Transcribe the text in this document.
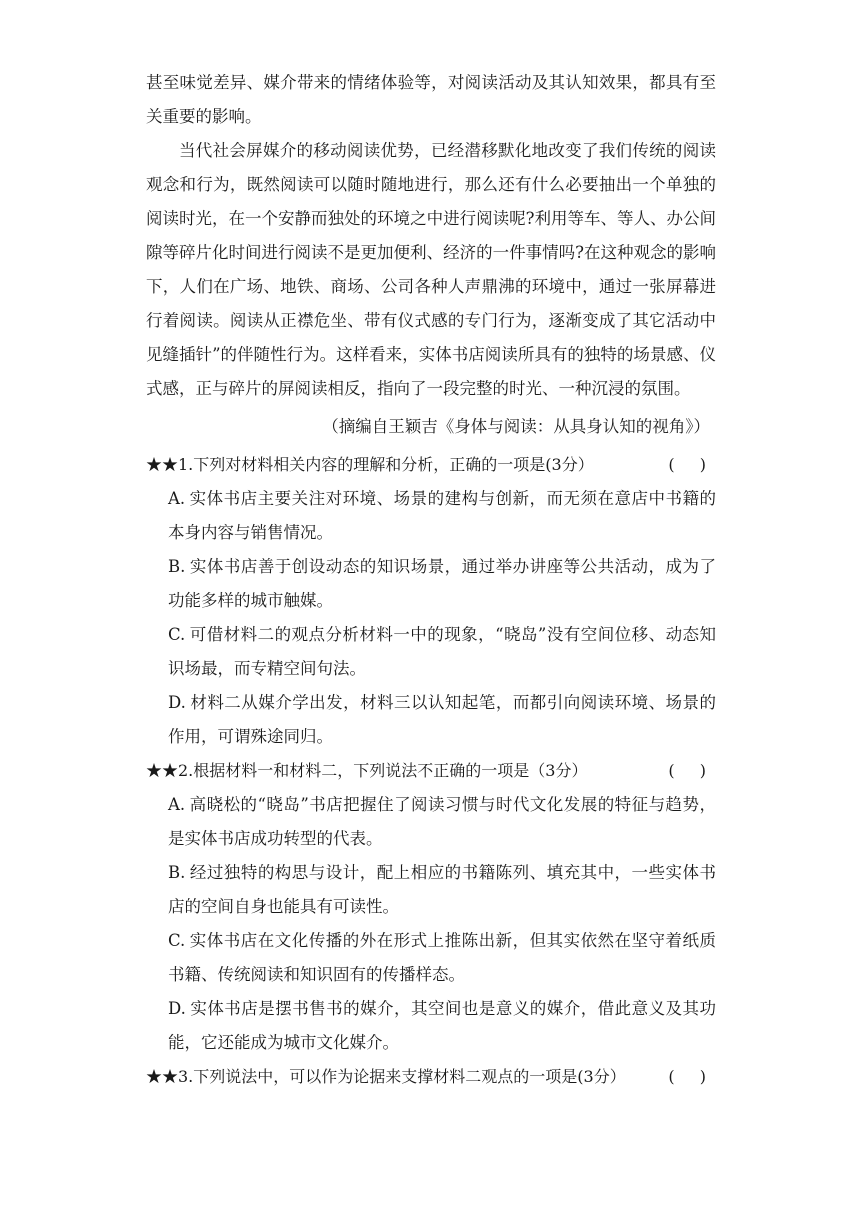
甚至味觉差异、媒介带来的情绪体验等，对阅读活动及其认知效果，都具有至关重要的影响。

当代社会屏媒介的移动阅读优势，已经潜移默化地改变了我们传统的阅读观念和行为，既然阅读可以随时随地进行，那么还有什么必要抽出一个单独的阅读时光，在一个安静而独处的环境之中进行阅读呢?利用等车、等人、办公间隙等碎片化时间进行阅读不是更加便利、经济的一件事情吗?在这种观念的影响下，人们在广场、地铁、商场、公司各种人声鼎沸的环境中，通过一张屏幕进行着阅读。阅读从正襟危坐、带有仪式感的专门行为，逐渐变成了其它活动中见缝插针”的伴随性行为。这样看来，实体书店阅读所具有的独特的场景感、仪式感，正与碎片的屏阅读相反，指向了一段完整的时光、一种沉浸的氛围。

（摘编自王颖吉《身体与阅读：从具身认知的视角》）

★★1.下列对材料相关内容的理解和分析，正确的一项是(3分）	( )

A. 实体书店主要关注对环境、场景的建构与创新，而无须在意店中书籍的本身内容与销售情况。

B. 实体书店善于创设动态的知识场景，通过举办讲座等公共活动，成为了功能多样的城市触媒。

C. 可借材料二的观点分析材料一中的现象，“晓岛”没有空间位移、动态知识场最，而专精空间句法。

D. 材料二从媒介学出发，材料三以认知起笔，而都引向阅读环境、场景的作用，可谓殊途同归。

★★2.根据材料一和材料二，下列说法不正确的一项是（3分）	( )

A. 高晓松的“晓岛”书店把握住了阅读习惯与时代文化发展的特征与趋势，是实体书店成功转型的代表。

B. 经过独特的构思与设计，配上相应的书籍陈列、填充其中，一些实体书店的空间自身也能具有可读性。

C. 实体书店在文化传播的外在形式上推陈出新，但其实依然在坚守着纸质书籍、传统阅读和知识固有的传播样态。

D. 实体书店是摆书售书的媒介，其空间也是意义的媒介，借此意义及其功能，它还能成为城市文化媒介。

★★3.下列说法中，可以作为论据来支撑材料二观点的一项是(3分）	( )
